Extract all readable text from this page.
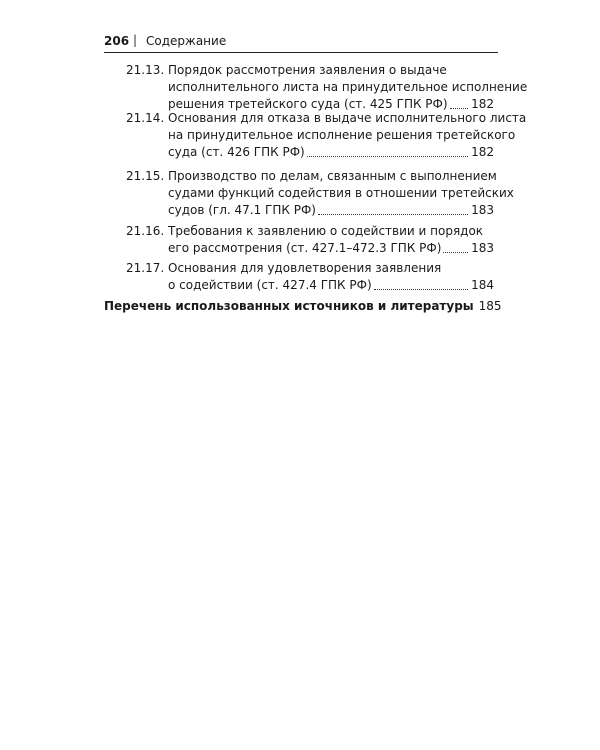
206 | Содержание
21.13. Порядок рассмотрения заявления о выдаче
исполнительного листа на принудительное исполнение
решения третейского суда (ст. 425 ГПК РФ) 182
21.14. Основания для отказа в выдаче исполнительного листа
на принудительное исполнение решения третейского
суда (ст. 426 ГПК РФ)	182
21.15. Производство по делам, связанным с выполнением
судами функций содействия в отношении третейских
судов (гл. 47.1 ГПК РФ)	183
21.16. Требования к заявлению о содействии и порядок
его рассмотрения (ст. 427.1–472.3 ГПК РФ) 183
21.17. Основания для удовлетворения заявления
о содействии (ст. 427.4 ГПК РФ)	184
Перечень использованных источников и литературы 185
